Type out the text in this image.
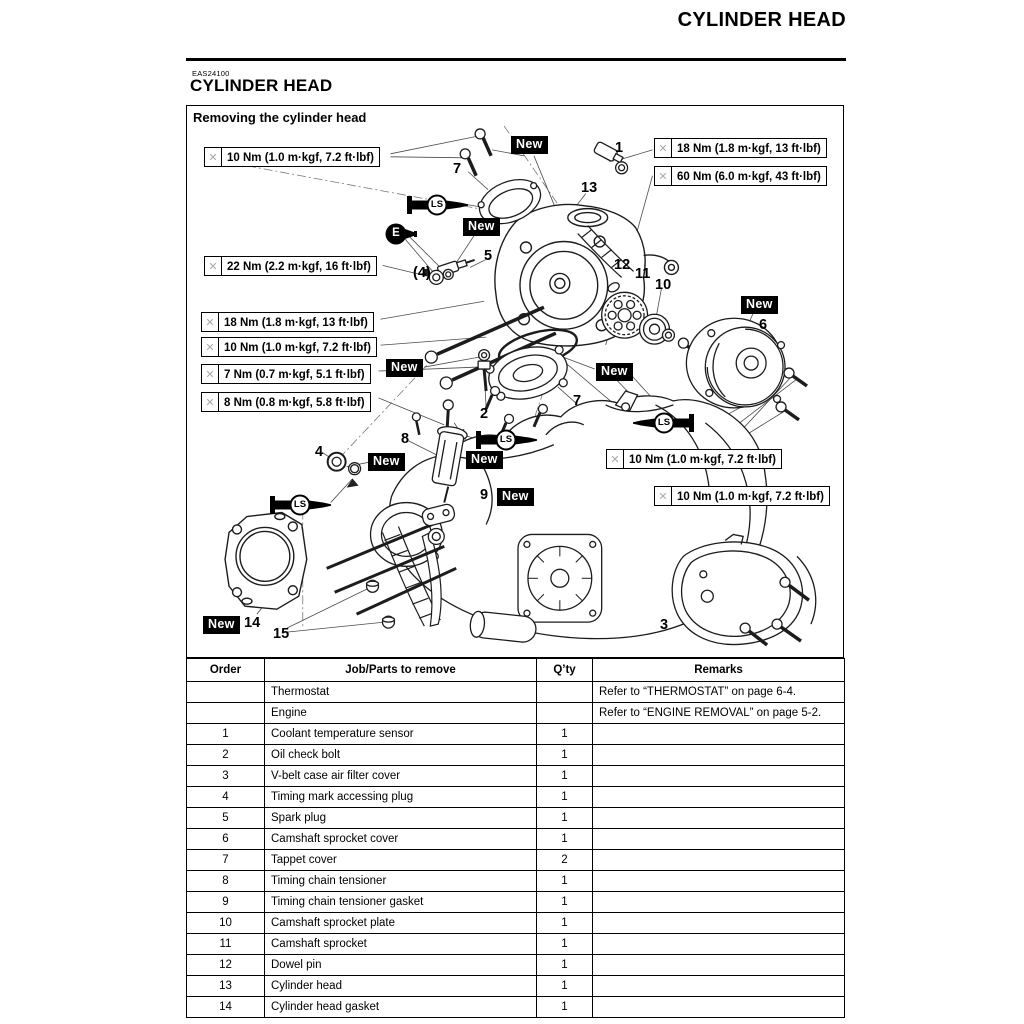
CYLINDER HEAD
EAS24100
CYLINDER HEAD
Removing the cylinder head
✕
10 Nm (1.0 m·kgf, 7.2 ft·lbf)
✕
18 Nm (1.8 m·kgf, 13 ft·lbf)
✕
60 Nm (6.0 m·kgf, 43 ft·lbf)
✕
22 Nm (2.2 m·kgf, 16 ft·lbf)
✕
18 Nm (1.8 m·kgf, 13 ft·lbf)
✕
10 Nm (1.0 m·kgf, 7.2 ft·lbf)
✕
7 Nm (0.7 m·kgf, 5.1 ft·lbf)
✕
8 Nm (0.8 m·kgf, 5.8 ft·lbf)
✕
10 Nm (1.0 m·kgf, 7.2 ft·lbf)
✕
10 Nm (1.0 m·kgf, 7.2 ft·lbf)
New
New
New
New	New
New	New
New
New
LS
LS
LS
LS
E
1
7
13
5
(4)	12
11
10
6
2
7
8
4
9
3
14
15
Order	Job/Parts to remove	Q’ty	Remarks
	Thermostat		Refer to “THERMOSTAT” on page 6-4.
	Engine		Refer to “ENGINE REMOVAL” on page 5-2.
1	Coolant temperature sensor	1	
2	Oil check bolt	1	
3	V-belt case air filter cover	1	
4	Timing mark accessing plug	1	
5	Spark plug	1	
6	Camshaft sprocket cover	1	
7	Tappet cover	2	
8	Timing chain tensioner	1	
9	Timing chain tensioner gasket	1	
10	Camshaft sprocket plate	1	
11	Camshaft sprocket	1	
12	Dowel pin	1	
13	Cylinder head	1	
14	Cylinder head gasket	1	
